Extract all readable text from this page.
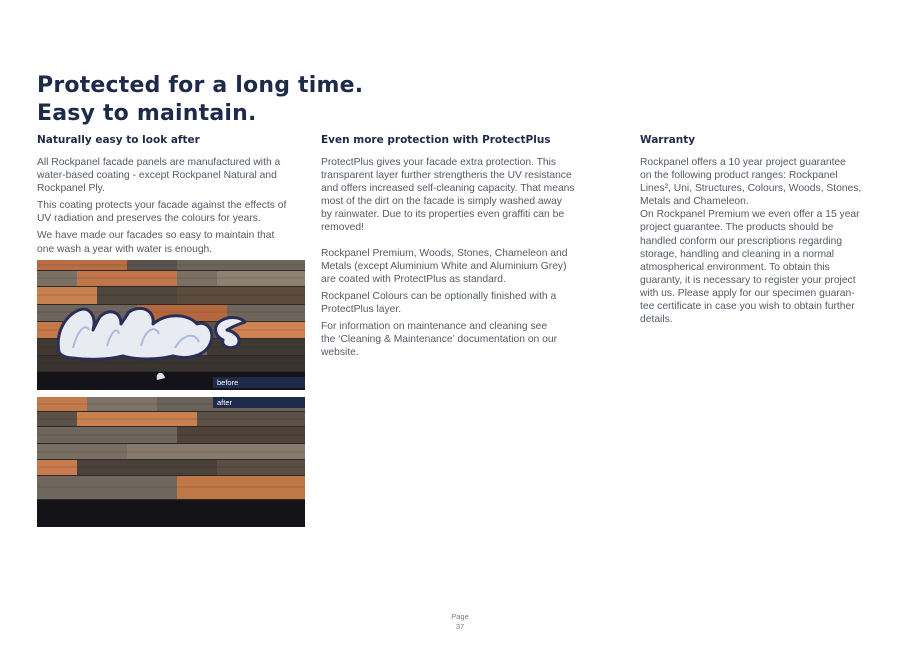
Protected for a long time.
Easy to maintain.
Naturally easy to look after

All Rockpanel facade panels are manufactured with a
water-based coating - except Rockpanel Natural and
Rockpanel Ply.

This coating protects your facade against the effects of
UV radiation and preserves the colours for years.

We have made our facades so easy to maintain that
one wash a year with water is enough.

Even more protection with ProtectPlus

ProtectPlus gives your facade extra protection. This
transparent layer further strengthens the UV resistance
and offers increased self-cleaning capacity. That means
most of the dirt on the facade is simply washed away
by rainwater. Due to its properties even graffiti can be
removed!

Rockpanel Premium, Woods, Stones, Chameleon and
Metals (except Aluminium White and Aluminium Grey)
are coated with ProtectPlus as standard.

Rockpanel Colours can be optionally finished with a
ProtectPlus layer.

For information on maintenance and cleaning see
the ‘Cleaning & Maintenance’ documentation on our
website.

Warranty

Rockpanel offers a 10 year project guarantee
on the following product ranges: Rockpanel
Lines², Uni, Structures, Colours, Woods, Stones,
Metals and Chameleon.
On Rockpanel Premium we even offer a 15 year
project guarantee. The products should be
handled conform our prescriptions regarding
storage, handling and cleaning in a normal
atmospherical environment. To obtain this
guaranty, it is necessary to register your project
with us. Please apply for our specimen guaran-
tee certificate in case you wish to obtain further
details.

before
after
Page
37
